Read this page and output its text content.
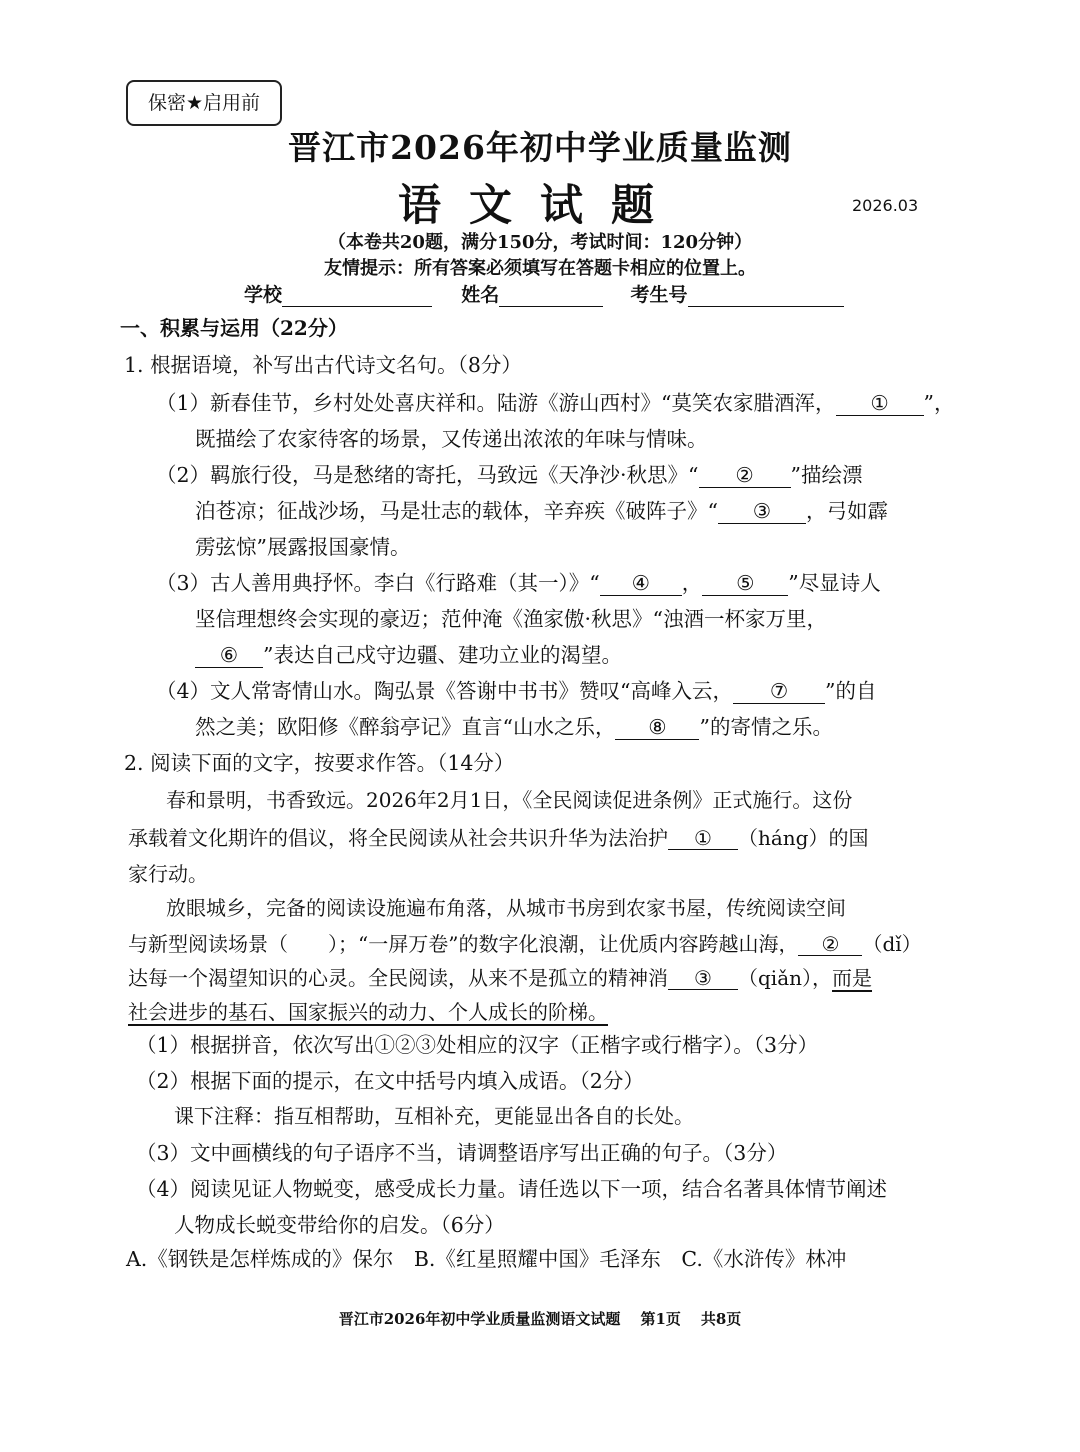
保密★启用前
晋江市2026年初中学业质量监测
语文试题	2026.03
（本卷共20题，满分150分，考试时间：120分钟）
友情提示：所有答案必须填写在答题卡相应的位置上。
学校	姓名	考生号
一、积累与运用（22分）
1. 根据语境，补写出古代诗文名句。（8分）
（1）新春佳节，乡村处处喜庆祥和。陆游《游山西村》“莫笑农家腊酒浑， ① ”，
既描绘了农家待客的场景，又传递出浓浓的年味与情味。
（2）羁旅行役，马是愁绪的寄托，马致远《天净沙·秋思》“ ② ”描绘漂
泊苍凉；征战沙场，马是壮志的载体，辛弃疾《破阵子》“ ③ ，弓如霹
雳弦惊”展露报国豪情。
（3）古人善用典抒怀。李白《行路难（其一）》“ ④ ， ⑤ ”尽显诗人
坚信理想终会实现的豪迈；范仲淹《渔家傲·秋思》“浊酒一杯家万里，
⑥ ”表达自己戍守边疆、建功立业的渴望。
（4）文人常寄情山水。陶弘景《答谢中书书》赞叹“高峰入云， ⑦ ”的自
然之美；欧阳修《醉翁亭记》直言“山水之乐， ⑧ ”的寄情之乐。
2. 阅读下面的文字，按要求作答。（14分）
春和景明，书香致远。2026年2月1日，《全民阅读促进条例》正式施行。这份
承载着文化期许的倡议，将全民阅读从社会共识升华为法治护 ① （háng）的国
家行动。
放眼城乡，完备的阅读设施遍布角落，从城市书房到农家书屋，传统阅读空间
与新型阅读场景（　　）；“一屏万卷”的数字化浪潮，让优质内容跨越山海， ② （dǐ）
达每一个渴望知识的心灵。全民阅读，从来不是孤立的精神消 ③ （qiǎn），而是
社会进步的基石、国家振兴的动力、个人成长的阶梯。
（1）根据拼音，依次写出①②③处相应的汉字（正楷字或行楷字）。（3分）
（2）根据下面的提示，在文中括号内填入成语。（2分）
课下注释：指互相帮助，互相补充，更能显出各自的长处。
（3）文中画横线的句子语序不当，请调整语序写出正确的句子。（3分）
（4）阅读见证人物蜕变，感受成长力量。请任选以下一项，结合名著具体情节阐述
人物成长蜕变带给你的启发。（6分）
A.《钢铁是怎样炼成的》保尔　B.《红星照耀中国》毛泽东　C.《水浒传》林冲
晋江市2026年初中学业质量监测语文试题 第1页 共8页
